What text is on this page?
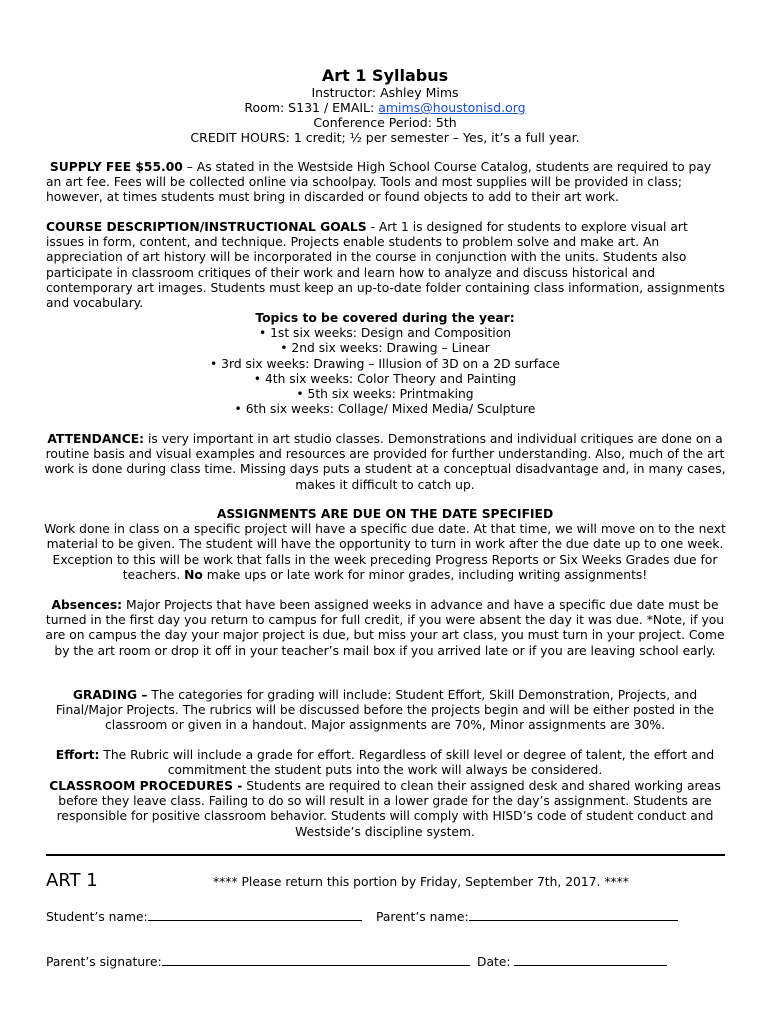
Art 1 Syllabus
Instructor: Ashley Mims
Room: S131 / EMAIL: amims@houstonisd.org
Conference Period: 5th
CREDIT HOURS: 1 credit; ½ per semester – Yes, it’s a full year.
SUPPLY FEE $55.00 – As stated in the Westside High School Course Catalog, students are required to pay an art fee. Fees will be collected online via schoolpay. Tools and most supplies will be provided in class; however, at times students must bring in discarded or found objects to add to their art work.
COURSE DESCRIPTION/INSTRUCTIONAL GOALS - Art 1 is designed for students to explore visual art issues in form, content, and technique. Projects enable students to problem solve and make art. An appreciation of art history will be incorporated in the course in conjunction with the units. Students also participate in classroom critiques of their work and learn how to analyze and discuss historical and contemporary art images. Students must keep an up-to-date folder containing class information, assignments and vocabulary.
Topics to be covered during the year:
• 1st six weeks: Design and Composition
• 2nd six weeks: Drawing – Linear
• 3rd six weeks: Drawing – Illusion of 3D on a 2D surface
• 4th six weeks: Color Theory and Painting
• 5th six weeks: Printmaking
• 6th six weeks: Collage/ Mixed Media/ Sculpture
ATTENDANCE: is very important in art studio classes. Demonstrations and individual critiques are done on a routine basis and visual examples and resources are provided for further understanding. Also, much of the art work is done during class time. Missing days puts a student at a conceptual disadvantage and, in many cases, makes it difficult to catch up.
ASSIGNMENTS ARE DUE ON THE DATE SPECIFIED
Work done in class on a specific project will have a specific due date. At that time, we will move on to the next material to be given. The student will have the opportunity to turn in work after the due date up to one week. Exception to this will be work that falls in the week preceding Progress Reports or Six Weeks Grades due for teachers. No make ups or late work for minor grades, including writing assignments!
Absences: Major Projects that have been assigned weeks in advance and have a specific due date must be turned in the first day you return to campus for full credit, if you were absent the day it was due. *Note, if you are on campus the day your major project is due, but miss your art class, you must turn in your project. Come by the art room or drop it off in your teacher’s mail box if you arrived late or if you are leaving school early.
GRADING – The categories for grading will include: Student Effort, Skill Demonstration, Projects, and Final/Major Projects. The rubrics will be discussed before the projects begin and will be either posted in the classroom or given in a handout. Major assignments are 70%, Minor assignments are 30%.
Effort: The Rubric will include a grade for effort. Regardless of skill level or degree of talent, the effort and commitment the student puts into the work will always be considered.
CLASSROOM PROCEDURES - Students are required to clean their assigned desk and shared working areas before they leave class. Failing to do so will result in a lower grade for the day’s assignment. Students are responsible for positive classroom behavior. Students will comply with HISD’s code of student conduct and Westside’s discipline system.
ART 1	**** Please return this portion by Friday, September 7th, 2017. ****
Student’s name:	Parent’s name:
Parent’s signature:	Date:
